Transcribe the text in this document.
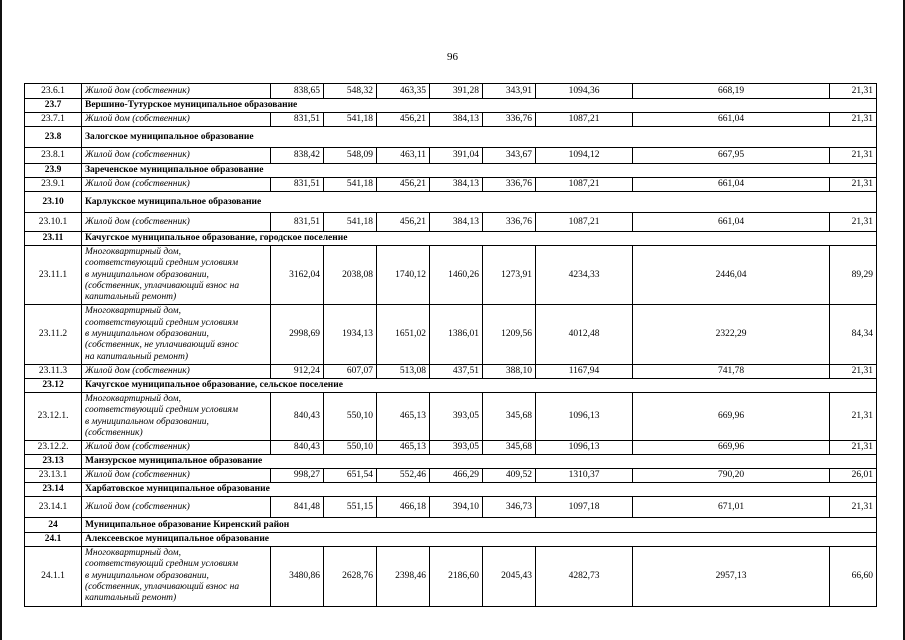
96
23.6.1	Жилой дом (собственник)	838,65	548,32	463,35	391,28	343,91	1094,36	668,19	21,31
23.7	Вершино-Тутурское муниципальное образование								
23.7.1	Жилой дом (собственник)	831,51	541,18	456,21	384,13	336,76	1087,21	661,04	21,31
23.8	Залогское муниципальное образование								
23.8.1	Жилой дом (собственник)	838,42	548,09	463,11	391,04	343,67	1094,12	667,95	21,31
23.9	Зареченское муниципальное образование								
23.9.1	Жилой дом (собственник)	831,51	541,18	456,21	384,13	336,76	1087,21	661,04	21,31
23.10	Карлукское муниципальное образование								
23.10.1	Жилой дом (собственник)	831,51	541,18	456,21	384,13	336,76	1087,21	661,04	21,31
23.11	Качугское муниципальное образование, городское поселение								
23.11.1	Многоквартирный дом,
соответствующий средним условиям
в муниципальном образовании,
(собственник, уплачивающий взнос на
капитальный ремонт)	3162,04	2038,08	1740,12	1460,26	1273,91	4234,33	2446,04	89,29
23.11.2	Многоквартирный дом,
соответствующий средним условиям
в муниципальном образовании,
(собственник, не уплачивающий взнос
на капитальный ремонт)	2998,69	1934,13	1651,02	1386,01	1209,56	4012,48	2322,29	84,34
23.11.3	Жилой дом (собственник)	912,24	607,07	513,08	437,51	388,10	1167,94	741,78	21,31
23.12	Качугское муниципальное образование, сельское поселение								
23.12.1.	Многоквартирный дом,
соответствующий средним условиям
в муниципальном образовании,
(собственник)	840,43	550,10	465,13	393,05	345,68	1096,13	669,96	21,31
23.12.2.	Жилой дом (собственник)	840,43	550,10	465,13	393,05	345,68	1096,13	669,96	21,31
23.13	Манзурское муниципальное образование								
23.13.1	Жилой дом (собственник)	998,27	651,54	552,46	466,29	409,52	1310,37	790,20	26,01
23.14	Харбатовское муниципальное образование								
23.14.1	Жилой дом (собственник)	841,48	551,15	466,18	394,10	346,73	1097,18	671,01	21,31
24	Муниципальное образование Киренский район								
24.1	Алексеевское муниципальное образование								
24.1.1	Многоквартирный дом,
соответствующий средним условиям
в муниципальном образовании,
(собственник, уплачивающий взнос на
капитальный ремонт)	3480,86	2628,76	2398,46	2186,60	2045,43	4282,73	2957,13	66,60
